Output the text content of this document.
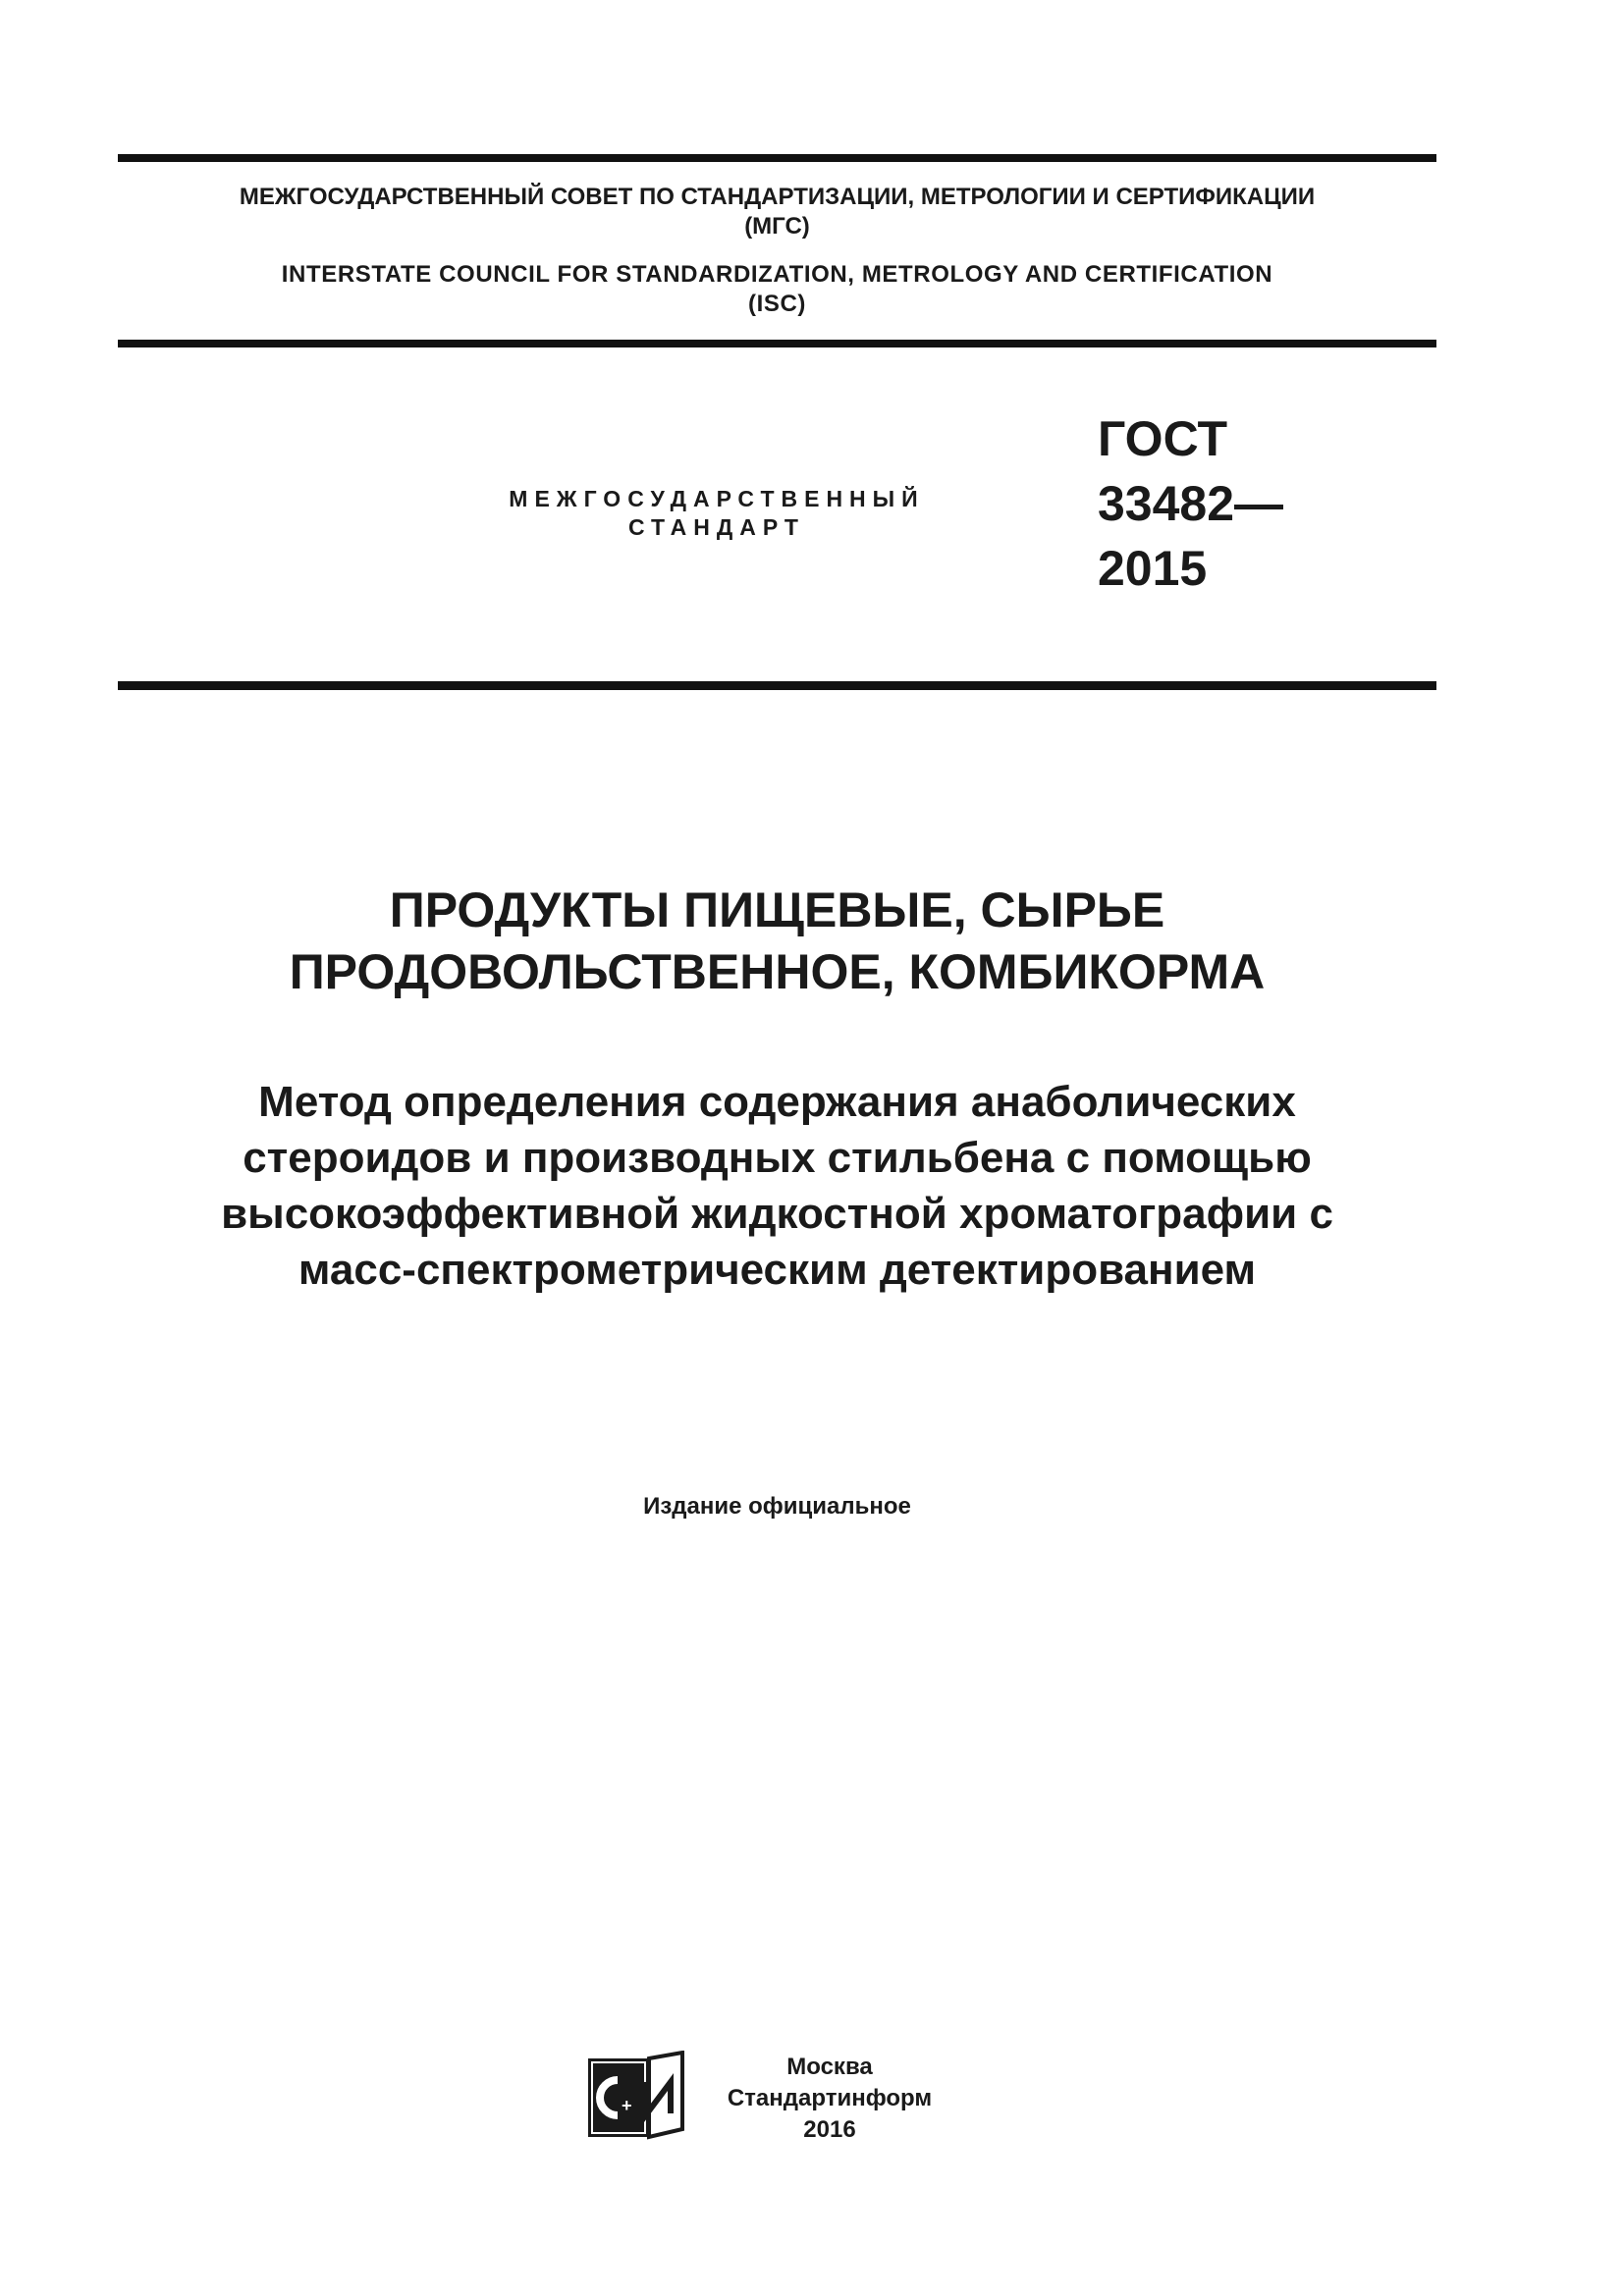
МЕЖГОСУДАРСТВЕННЫЙ СОВЕТ ПО СТАНДАРТИЗАЦИИ, МЕТРОЛОГИИ И СЕРТИФИКАЦИИ
(МГС)
INTERSTATE COUNCIL FOR STANDARDIZATION, METROLOGY AND CERTIFICATION
(ISC)
МЕЖГОСУДАРСТВЕННЫЙ
СТАНДАРТ
ГОСТ
33482—
2015
ПРОДУКТЫ ПИЩЕВЫЕ, СЫРЬЕ
ПРОДОВОЛЬСТВЕННОЕ, КОМБИКОРМА
Метод определения содержания анаболических
стероидов и производных стильбена с помощью
высокоэффективной жидкостной хроматографии с
масс-спектрометрическим детектированием
Издание официальное
+
Москва
Стандартинформ
2016
